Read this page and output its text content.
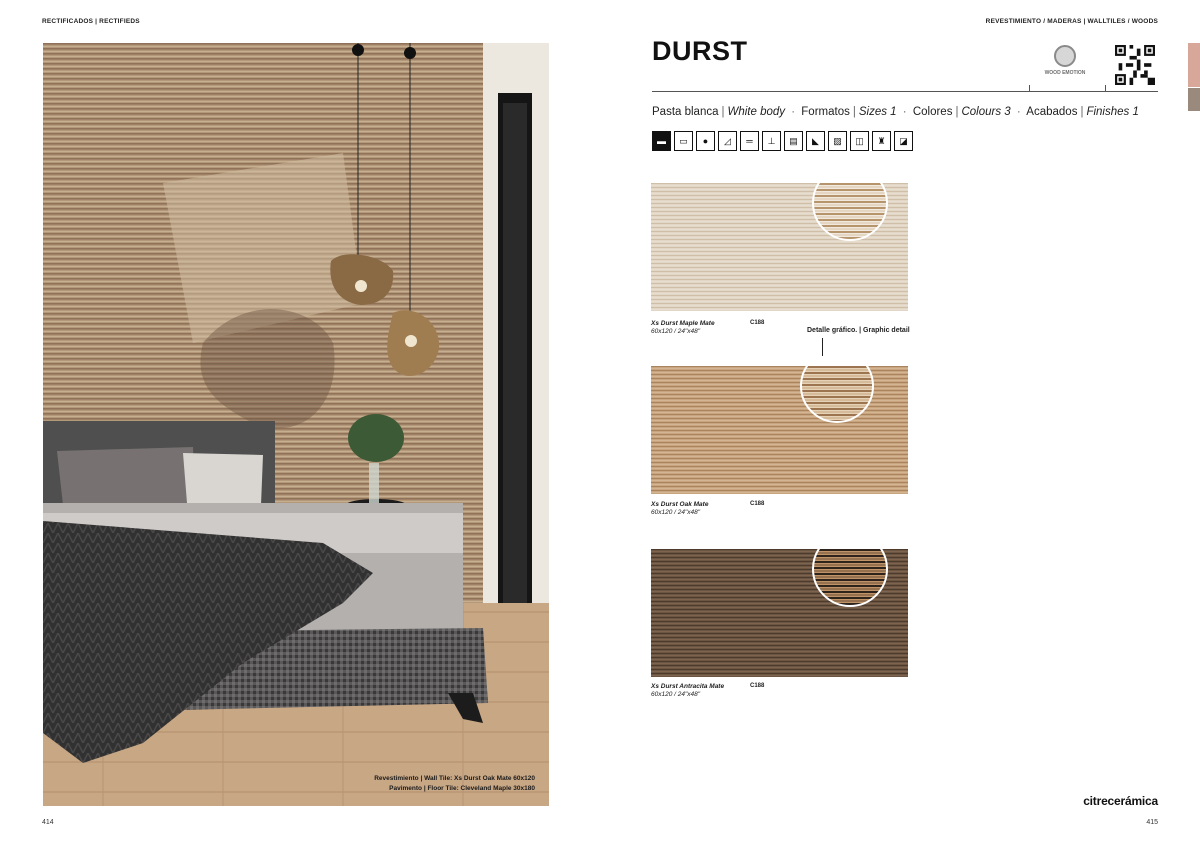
RECTIFICADOS | RECTIFIEDS
Revestimiento | Wall Tile: Xs Durst Oak Mate 60x120
Pavimento | Floor Tile: Cleveland Maple 30x180
414
REVESTIMIENTO / MADERAS | WALLTILES / WOODS
DURST
WOOD EMOTION
Pasta blanca | White body · Formatos | Sizes 1 · Colores | Colours 3 · Acabados | Finishes 1
▬	▭	●	◿	═	⊥	▤	◣	▨	◫	♜	◪
Xs Durst Maple Mate
60x120 / 24"x48"
C188
Detalle gráfico. | Graphic detail
Xs Durst Oak Mate
60x120 / 24"x48"
C188
Xs Durst Antracita Mate
60x120 / 24"x48"
C188
citrecerámica
415
